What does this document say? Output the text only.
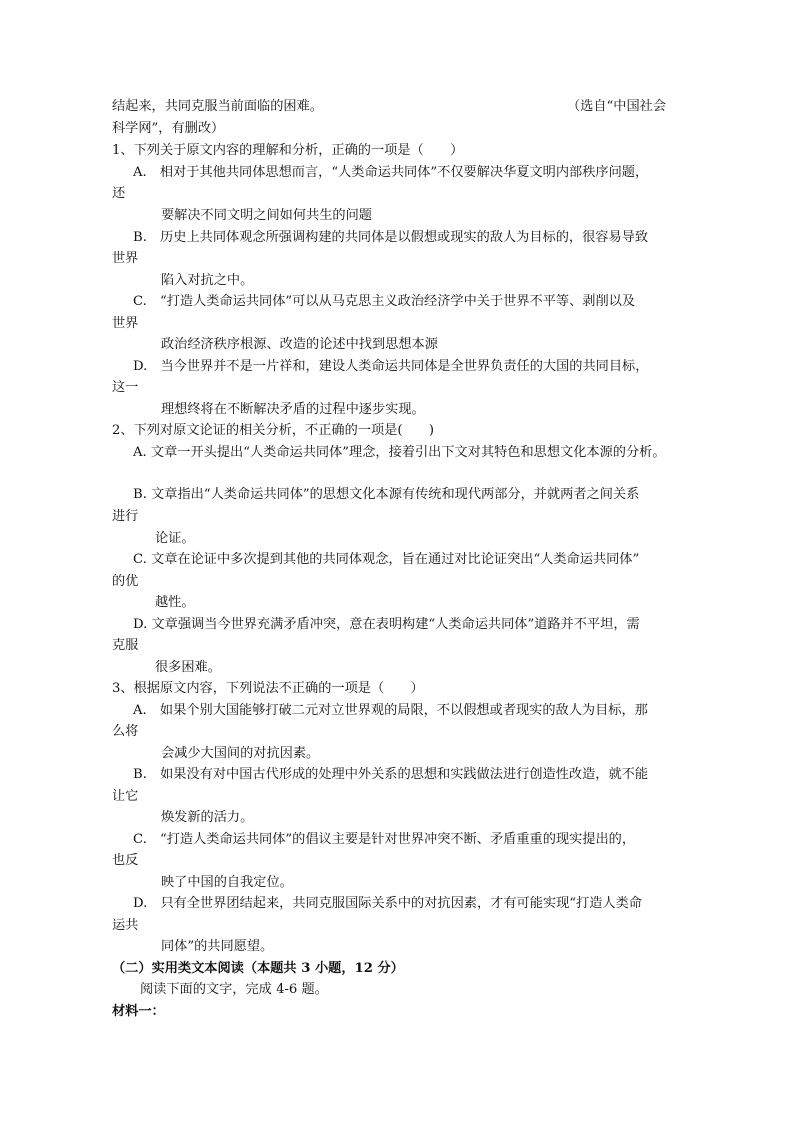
结起来，共同克服当前面临的困难。	（选自“中国社会
科学网”，有删改）
1、下列关于原文内容的理解和分析，正确的一项是（　　）
A.　相对于其他共同体思想而言，“人类命运共同体”不仅要解决华夏文明内部秩序问题，
还
要解决不同文明之间如何共生的问题
B.　历史上共同体观念所强调构建的共同体是以假想或现实的敌人为目标的，很容易导致
世界
陷入对抗之中。
C.　“打造人类命运共同体”可以从马克思主义政治经济学中关于世界不平等、剥削以及
世界
政治经济秩序根源、改造的论述中找到思想本源
D.　当今世界并不是一片祥和，建设人类命运共同体是全世界负责任的大国的共同目标，
这一
理想终将在不断解决矛盾的过程中逐步实现。
2、下列对原文论证的相关分析，不正确的一项是(　　)
A. 文章一开头提出“人类命运共同体”理念，接着引出下文对其特色和思想文化本源的分析。
B. 文章指出“人类命运共同体”的思想文化本源有传统和现代两部分，并就两者之间关系
进行
论证。
C. 文章在论证中多次提到其他的共同体观念，旨在通过对比论证突出“人类命运共同体”
的优
越性。
D. 文章强调当今世界充满矛盾冲突，意在表明构建“人类命运共同体”道路并不平坦，需
克服
很多困难。
3、根据原文内容，下列说法不正确的一项是（　　）
A.　如果个别大国能够打破二元对立世界观的局限，不以假想或者现实的敌人为目标，那
么将
会减少大国间的对抗因素。
B.　如果没有对中国古代形成的处理中外关系的思想和实践做法进行创造性改造，就不能
让它
焕发新的活力。
C.　“打造人类命运共同体”的倡议主要是针对世界冲突不断、矛盾重重的现实提出的，
也反
映了中国的自我定位。
D.　只有全世界团结起来，共同克服国际关系中的对抗因素，才有可能实现“打造人类命
运共
同体”的共同愿望。
（二）实用类文本阅读（本题共 3 小题，12 分）
阅读下面的文字，完成 4-6 题。
材料一：
